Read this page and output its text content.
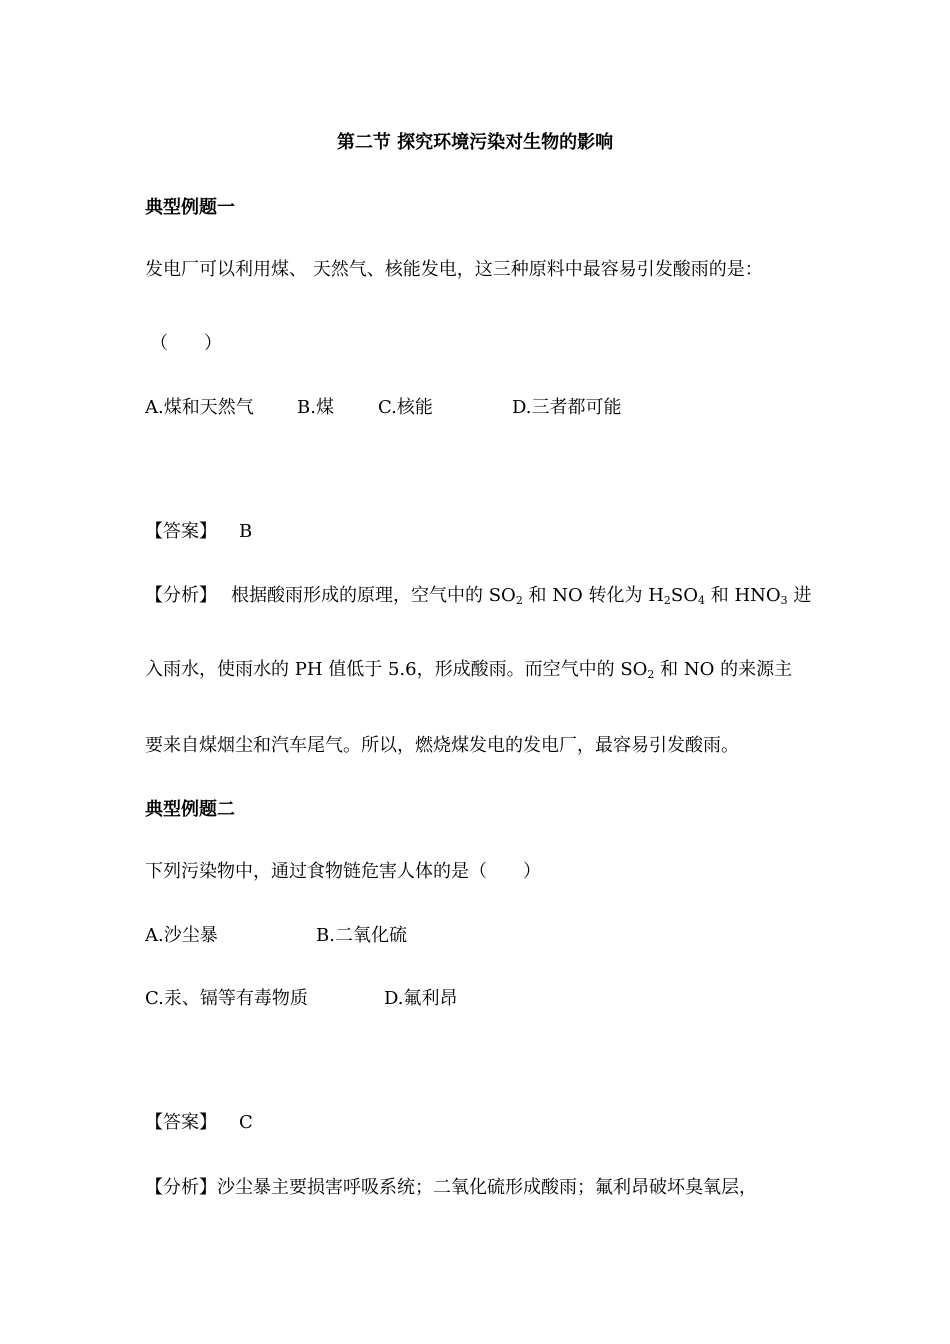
第二节 探究环境污染对生物的影响
典型例题一
发电厂可以利用煤、 天然气、核能发电，这三种原料中最容易引发酸雨的是：
（　　）
A.煤和天然气 B.煤 C.核能	D.三者都可能
【答案】 B
【分析】 根据酸雨形成的原理，空气中的 $SO_2$ 和 NO 转化为 $H_2SO_4$ 和 $HNO_3$ 进
入雨水，使雨水的 PH 值低于 5.6，形成酸雨。而空气中的 $SO_2$ 和 NO 的来源主
要来自煤烟尘和汽车尾气。所以，燃烧煤发电的发电厂，最容易引发酸雨。
典型例题二
下列污染物中，通过食物链危害人体的是（　　）
A.沙尘暴	B.二氧化硫
C.汞、镉等有毒物质	D.氟利昂
【答案】 C
【分析】沙尘暴主要损害呼吸系统；二氧化硫形成酸雨；氟利昂破坏臭氧层，
